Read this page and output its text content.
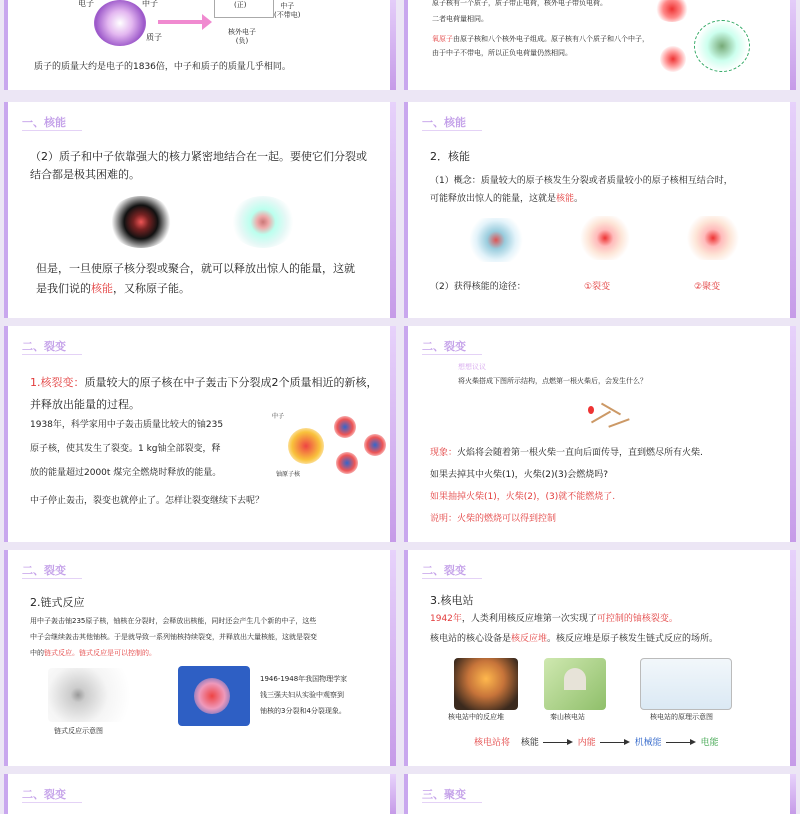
电子	中子
质子
(正)	中子
(不带电)
核外电子
(负)
质子的质量大约是电子的1836倍，中子和质子的质量几乎相同。
原子核有一个质子，质子带正电荷，核外电子带负电荷。
二者电荷量相同。
氧原子由原子核和八个核外电子组成。原子核有八个质子和八个中子，
由于中子不带电，所以正负电荷量仍然相同。
一、核能
（2）质子和中子依靠强大的核力紧密地结合在一起。要使它们分裂或
结合都是极其困难的。
但是，一旦使原子核分裂或聚合，就可以释放出惊人的能量，这就
是我们说的核能，又称原子能。
一、核能
2．核能
（1）概念：质量较大的原子核发生分裂或者质量较小的原子核相互结合时，
可能释放出惊人的能量，这就是核能。
（2）获得核能的途径：	①裂变	②聚变
二、裂变
1.核裂变：质量较大的原子核在中子轰击下分裂成2个质量相近的新核，
并释放出能量的过程。
1938年，科学家用中子轰击质量比较大的铀235
原子核，使其发生了裂变。1 kg铀全部裂变，释
放的能量超过2000t 煤完全燃烧时释放的能量。
中子停止轰击，裂变也就停止了。怎样让裂变继续下去呢？
中子
铀原子核
二、裂变
想想议议
将火柴搭成下图所示结构，点燃第一根火柴后，会发生什么？
现象：火焰将会随着第一根火柴一直向后面传导，直到燃尽所有火柴.
如果去掉其中火柴(1)，火柴(2)(3)会燃烧吗?
如果抽掉火柴(1)，火柴(2)，(3)就不能燃烧了.
说明：火柴的燃烧可以得到控制
二、裂变
2.链式反应
用中子轰击铀235原子核，铀核在分裂时，会释放出核能，同时还会产生几个新的中子，这些
中子会继续轰击其他铀核。于是就导致一系列铀核持续裂变，并释放出大量核能，这就是裂变
中的链式反应。链式反应是可以控制的。
链式反应示意图
1946-1948年我国物理学家
钱三强夫妇从实验中观察到
铀核的3分裂和4分裂现象。
二、裂变
3.核电站
1942年，人类利用核反应堆第一次实现了可控制的铀核裂变。
核电站的核心设备是核反应堆。核反应堆是原子核发生链式反应的场所。
核电站中的反应堆	秦山核电站	核电站的原理示意图
核电站将 核能	内能	机械能	电能
二、裂变	三、聚变
